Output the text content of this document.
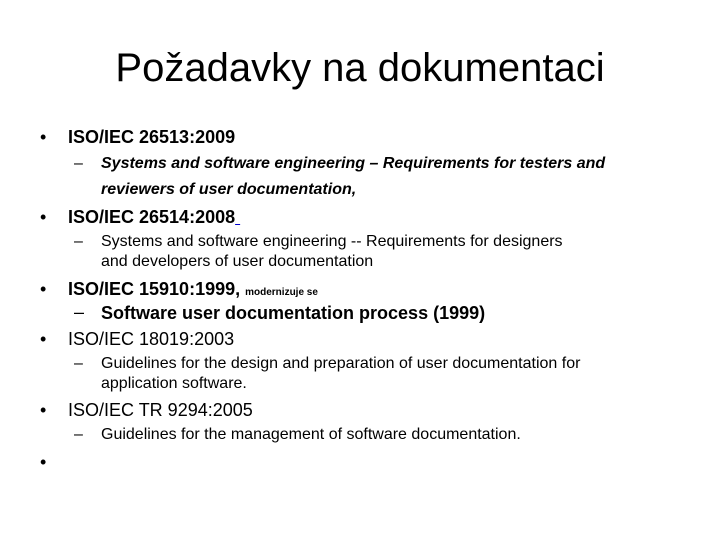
Požadavky na dokumentaci
• ISO/IEC 26513:2009
– Systems and software engineering – Requirements for testers and
reviewers of user documentation,
• ISO/IEC 26514:2008
– Systems and software engineering -- Requirements for designers
and developers of user documentation
• ISO/IEC 15910:1999, modernizuje se
– Software user documentation process (1999)
• ISO/IEC 18019:2003
– Guidelines for the design and preparation of user documentation for
application software.
• ISO/IEC TR 9294:2005
– Guidelines for the management of software documentation.
•
